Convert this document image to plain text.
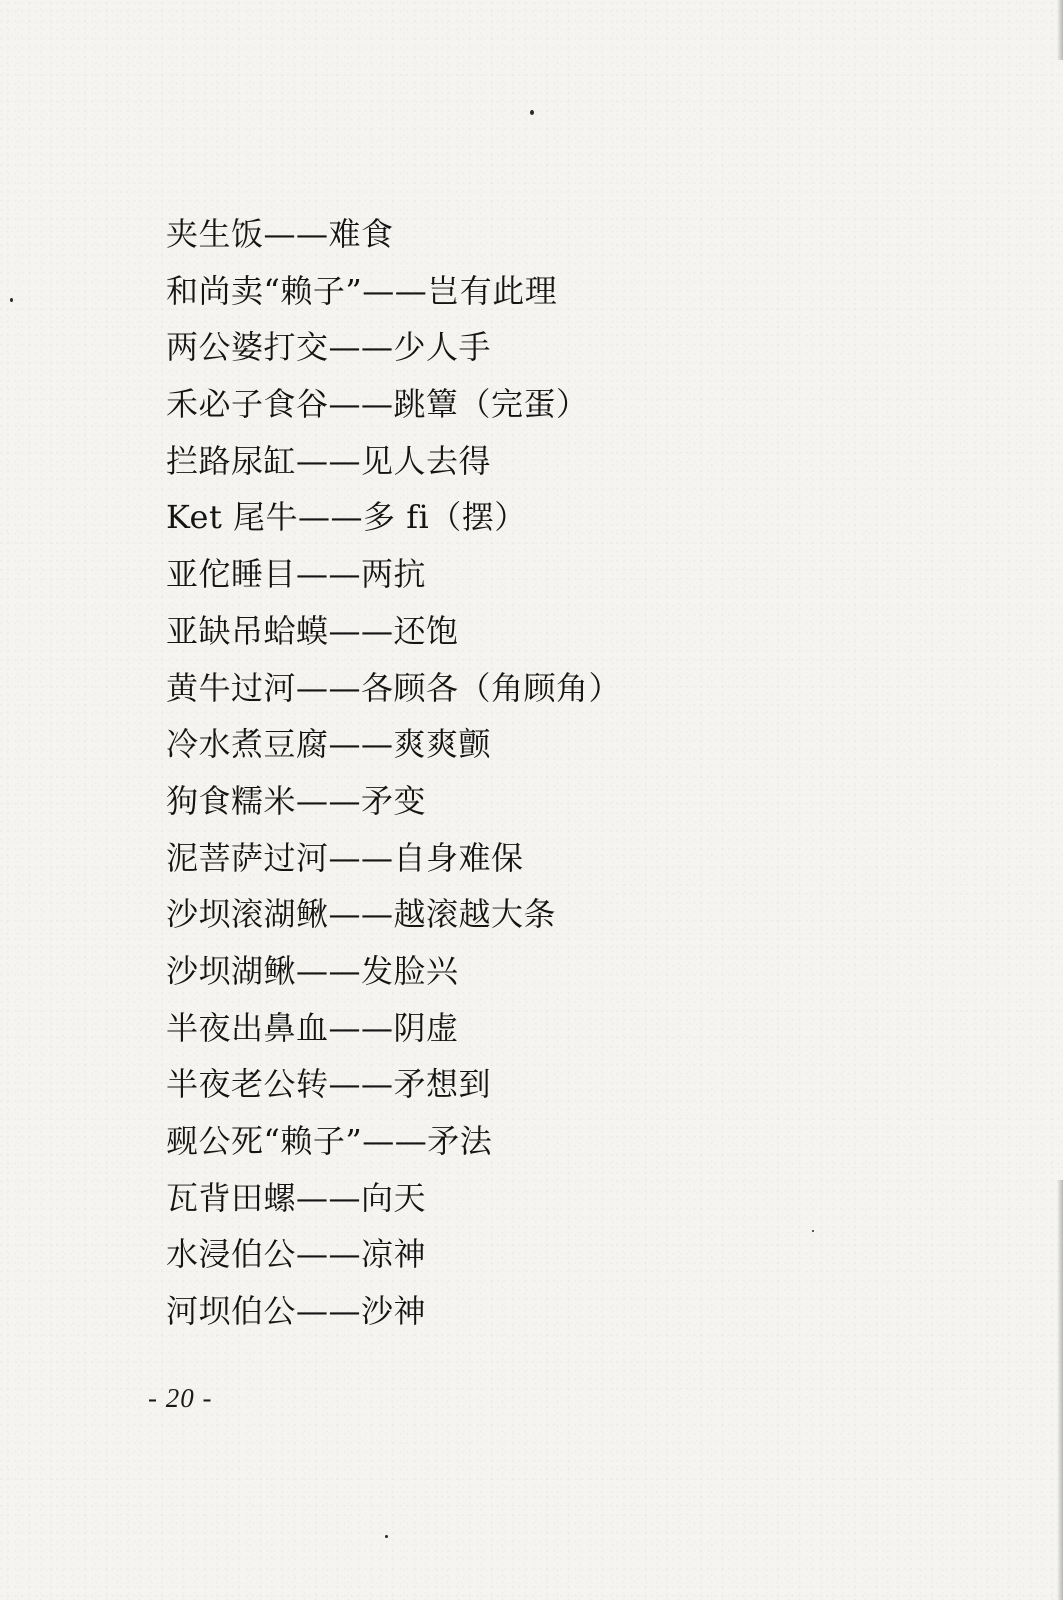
夹生饭——难食
和尚卖“赖子”——岂有此理
两公婆打交——少人手
禾必子食谷——跳簟（完蛋）
拦路尿缸——见人去得
Ket 尾牛——多 fi（摆）
亚佗睡目——两抗
亚缺吊蛤蟆——还饱
黄牛过河——各顾各（角顾角）
冷水煮豆腐——爽爽颤
狗食糯米——矛变
泥菩萨过河——自身难保
沙坝滚湖鳅——越滚越大条
沙坝湖鳅——发脸兴
半夜出鼻血——阴虚
半夜老公转——矛想到
觋公死“赖子”——矛法
瓦背田螺——向天
水浸伯公——凉神
河坝伯公——沙神
- 20 -
